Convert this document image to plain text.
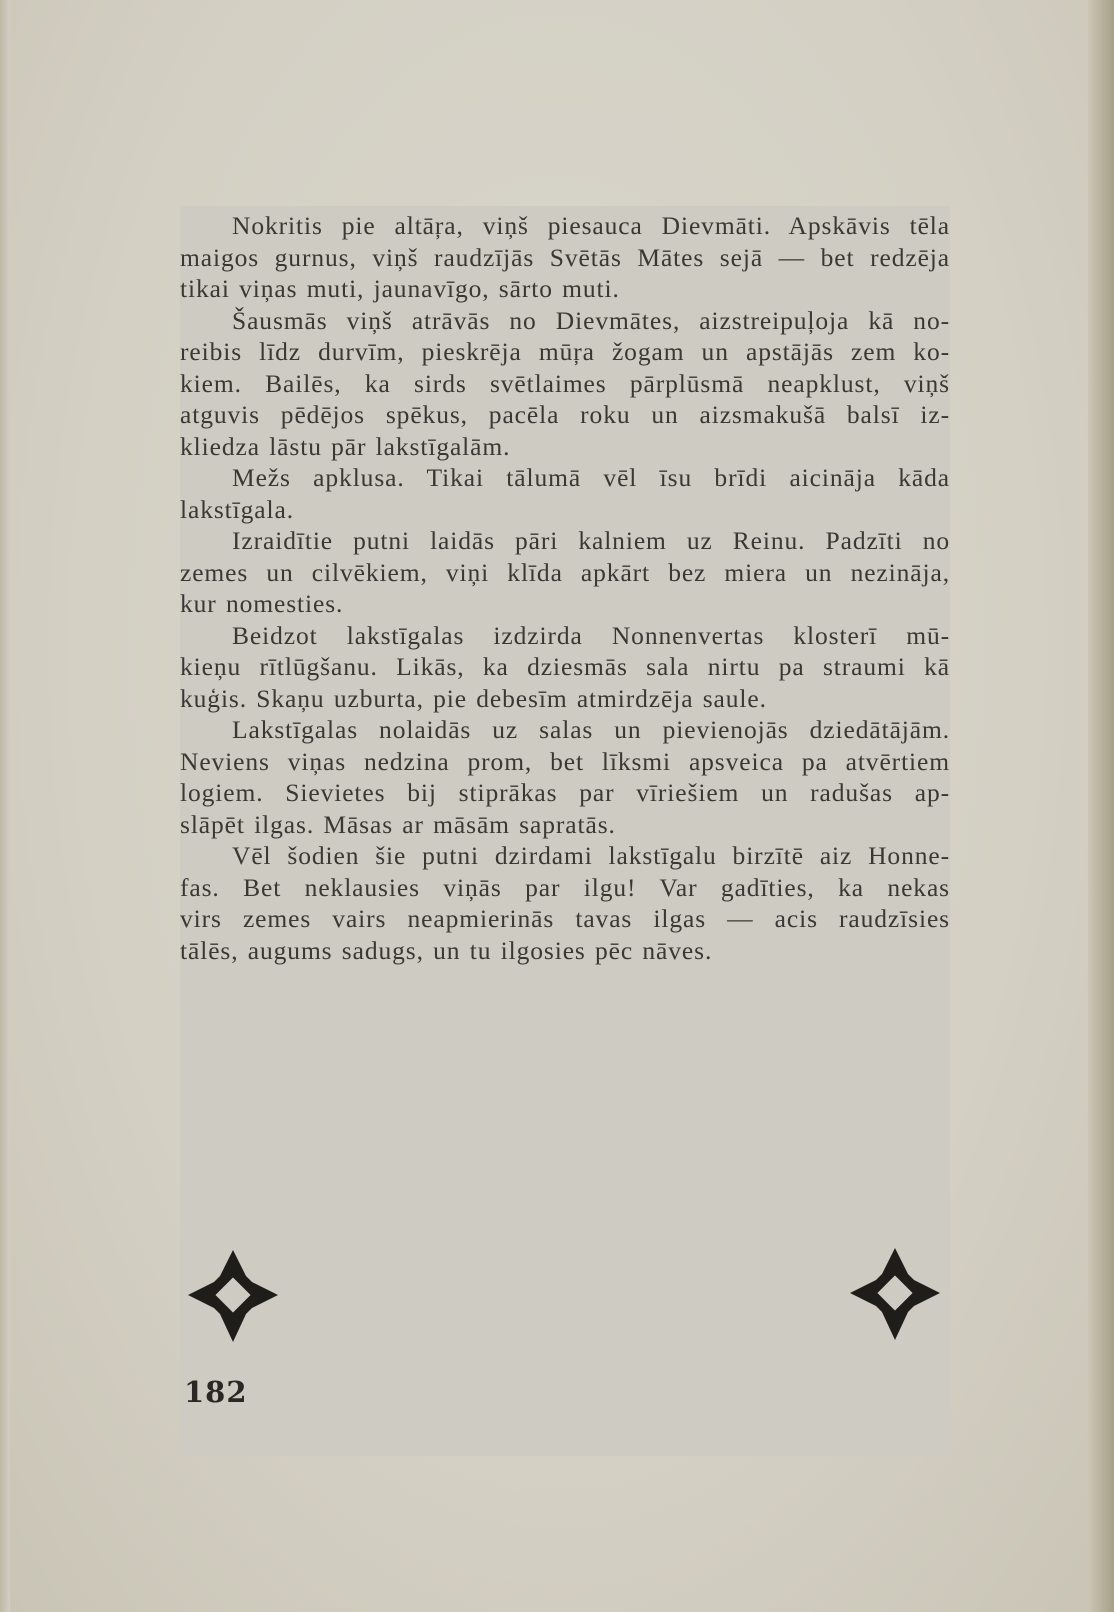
Nokritis pie altāŗa, viņš piesauca Dievmāti. Apskāvis tēla
maigos gurnus, viņš raudzījās Svētās Mātes sejā — bet redzēja
tikai viņas muti, jaunavīgo, sārto muti.
Šausmās viņš atrāvās no Dievmātes, aizstreipuļoja kā no-
reibis līdz durvīm, pieskrēja mūŗa žogam un apstājās zem ko-
kiem. Bailēs, ka sirds svētlaimes pārplūsmā neapklust, viņš
atguvis pēdējos spēkus, pacēla roku un aizsmakušā balsī iz-
kliedza lāstu pār lakstīgalām.
Mežs apklusa. Tikai tālumā vēl īsu brīdi aicināja kāda
lakstīgala.
Izraidītie putni laidās pāri kalniem uz Reinu. Padzīti no
zemes un cilvēkiem, viņi klīda apkārt bez miera un nezināja,
kur nomesties.
Beidzot lakstīgalas izdzirda Nonnenvertas klosterī mū-
kieņu rītlūgšanu. Likās, ka dziesmās sala nirtu pa straumi kā
kuģis. Skaņu uzburta, pie debesīm atmirdzēja saule.
Lakstīgalas nolaidās uz salas un pievienojās dziedātājām.
Neviens viņas nedzina prom, bet līksmi apsveica pa atvērtiem
logiem. Sievietes bij stiprākas par vīriešiem un radušas ap-
slāpēt ilgas. Māsas ar māsām sapratās.
Vēl šodien šie putni dzirdami lakstīgalu birzītē aiz Honne-
fas. Bet neklausies viņās par ilgu! Var gadīties, ka nekas
virs zemes vairs neapmierinās tavas ilgas — acis raudzīsies
tālēs, augums sadugs, un tu ilgosies pēc nāves.
182
